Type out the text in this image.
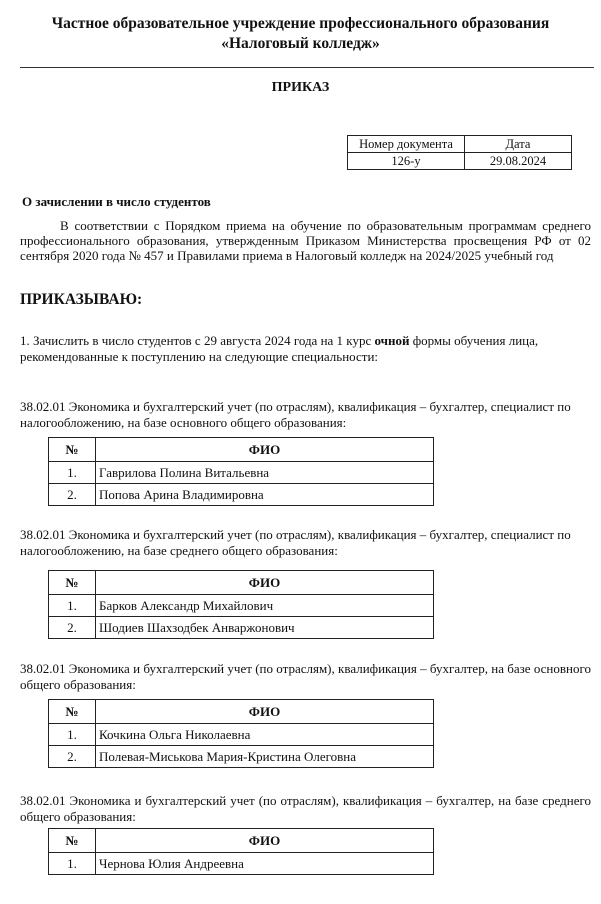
Частное образовательное учреждение профессионального образования
«Налоговый колледж»
ПРИКАЗ
Номер документа	Дата
126-у	29.08.2024
О зачислении в число студентов
В соответствии с Порядком приема на обучение по образовательным программам среднего профессионального образования, утвержденным Приказом Министерства просвещения РФ от 02 сентября 2020 года № 457 и Правилами приема в Налоговый колледж на 2024/2025 учебный год
ПРИКАЗЫВАЮ:
1. Зачислить в число студентов с 29 августа 2024 года на 1 курс очной формы обучения лица, рекомендованные к поступлению на следующие специальности:
38.02.01 Экономика и бухгалтерский учет (по отраслям), квалификация – бухгалтер, специалист по налогообложению, на базе основного общего образования:
№	ФИО
1.	Гаврилова Полина Витальевна
2.	Попова Арина Владимировна
38.02.01 Экономика и бухгалтерский учет (по отраслям), квалификация – бухгалтер, специалист по налогообложению, на базе среднего общего образования:
№	ФИО
1.	Барков Александр Михайлович
2.	Шодиев Шахзодбек Анваржонович
38.02.01 Экономика и бухгалтерский учет (по отраслям), квалификация – бухгалтер, на базе основного общего образования:
№	ФИО
1.	Кочкина Ольга Николаевна
2.	Полевая-Миськова Мария-Кристина Олеговна
38.02.01 Экономика и бухгалтерский учет (по отраслям), квалификация – бухгалтер, на базе среднего общего образования:
№	ФИО
1.	Чернова Юлия Андреевна
